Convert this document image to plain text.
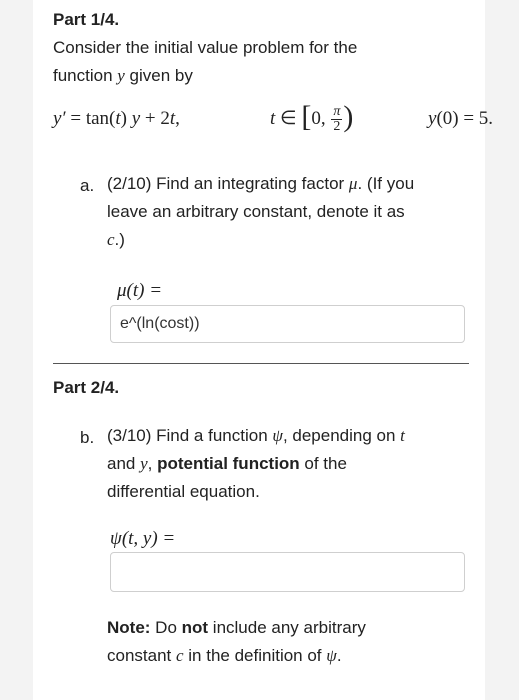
Part 1/4.
Consider the initial value problem for the
function y given by
y′ = tan(t) y + 2t,	t ∈ [0, $\frac{\pi}{2}$ )	y(0) = 5.
a. (2/10) Find an integrating factor μ. (If you
leave an arbitrary constant, denote it as
c.)
μ(t) =
e^(ln(cost))
Part 2/4.
b. (3/10) Find a function ψ, depending on t
and y, potential function of the
differential equation.
ψ(t, y) =
Note: Do not include any arbitrary
constant c in the definition of ψ.
